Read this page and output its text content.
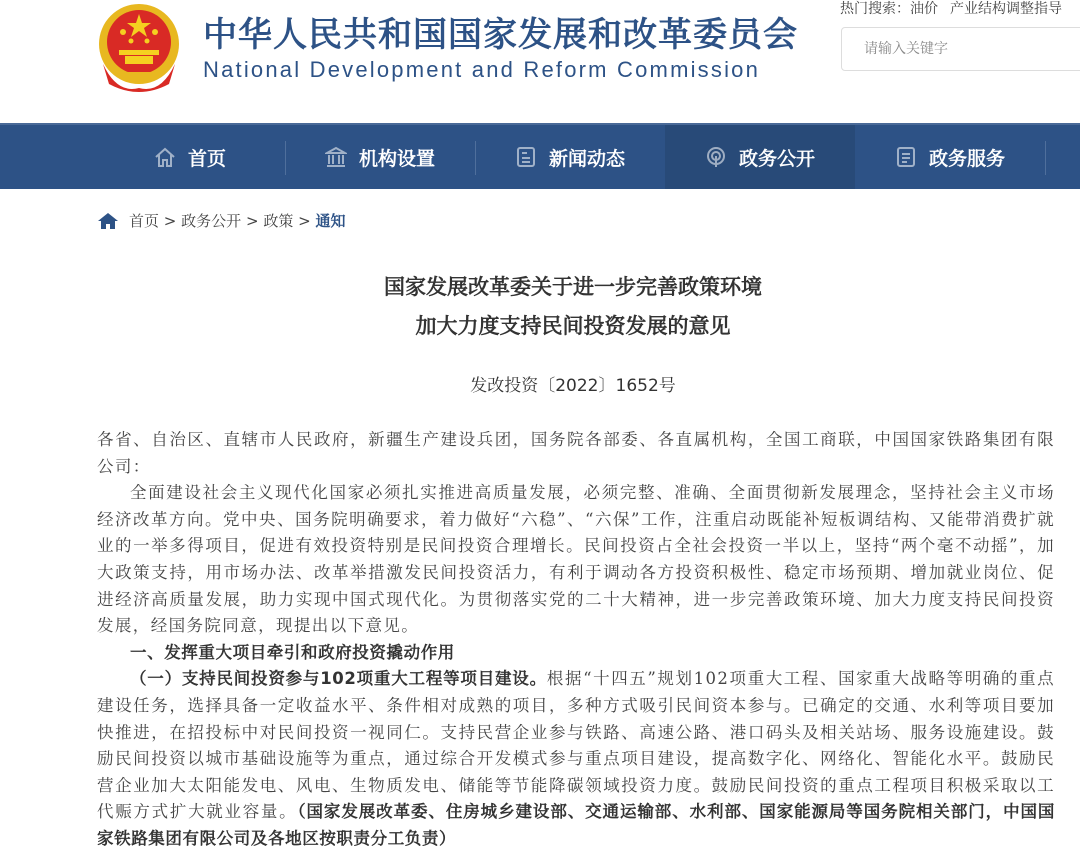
中华人民共和国国家发展和改革委员会
National Development and Reform Commission
热门搜索：油价 产业结构调整指导
请输入关键字
首页	机构设置	新闻动态	政务公开	政务服务
首页
>
政务公开
>
政策
>
通知
国家发展改革委关于进一步完善政策环境
加大力度支持民间投资发展的意见
发改投资〔2022〕1652号

各省、自治区、直辖市人民政府，新疆生产建设兵团，国务院各部委、各直属机构，全国工商联，中国国家铁路集团有限公司：

全面建设社会主义现代化国家必须扎实推进高质量发展，必须完整、准确、全面贯彻新发展理念，坚持社会主义市场经济改革方向。党中央、国务院明确要求，着力做好“六稳”、“六保”工作，注重启动既能补短板调结构、又能带消费扩就业的一举多得项目，促进有效投资特别是民间投资合理增长。民间投资占全社会投资一半以上，坚持“两个毫不动摇”，加大政策支持，用市场办法、改革举措激发民间投资活力，有利于调动各方投资积极性、稳定市场预期、增加就业岗位、促进经济高质量发展，助力实现中国式现代化。为贯彻落实党的二十大精神，进一步完善政策环境、加大力度支持民间投资发展，经国务院同意，现提出以下意见。

一、发挥重大项目牵引和政府投资撬动作用

（一）支持民间投资参与102项重大工程等项目建设。根据“十四五”规划102项重大工程、国家重大战略等明确的重点建设任务，选择具备一定收益水平、条件相对成熟的项目，多种方式吸引民间资本参与。已确定的交通、水利等项目要加快推进，在招投标中对民间投资一视同仁。支持民营企业参与铁路、高速公路、港口码头及相关站场、服务设施建设。鼓励民间投资以城市基础设施等为重点，通过综合开发模式参与重点项目建设，提高数字化、网络化、智能化水平。鼓励民营企业加大太阳能发电、风电、生物质发电、储能等节能降碳领域投资力度。鼓励民间投资的重点工程项目积极采取以工代赈方式扩大就业容量。（国家发展改革委、住房城乡建设部、交通运输部、水利部、国家能源局等国务院相关部门，中国国家铁路集团有限公司及各地区按职责分工负责）
